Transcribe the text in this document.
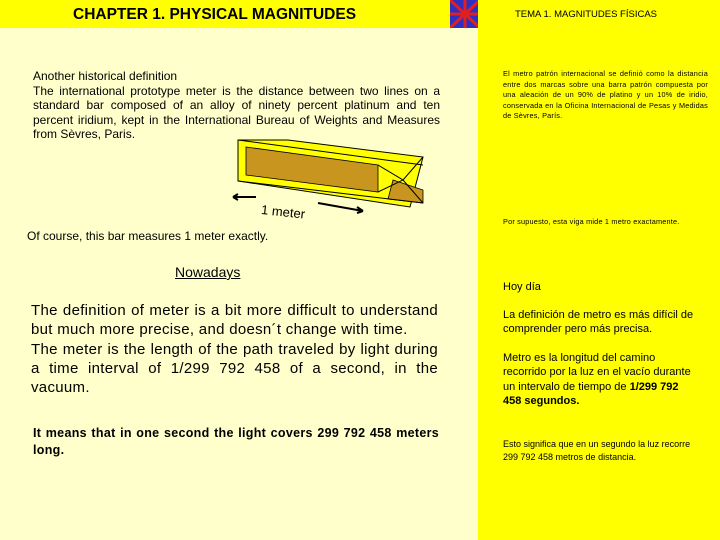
CHAPTER 1. PHYSICAL MAGNITUDES	TEMA 1. MAGNITUDES FÍSICAS
El metro patrón internacional se definió como la distancia entre dos marcas sobre una barra patrón compuesta por una aleación de un 90% de platino y un 10% de iridio, conservada en la Oficina Internacional de Pesas y Medidas de Sèvres, París.
Por supuesto, esta viga mide 1 metro exactamente.
Hoy día
La definición de metro es más difícil de comprender pero más precisa.
Metro es la longitud del camino recorrido por la luz en el vacío durante un intervalo de tiempo de 1/299 792 458 segundos.
Esto significa que en un segundo la luz recorre 299 792 458 metros de distancia.
Another historical definition
The international prototype meter is the distance between two lines on a standard bar composed of an alloy of ninety percent platinum and ten percent iridium, kept in the International Bureau of Weights and Measures from Sèvres, Paris.
1 meter
Of course, this bar measures 1 meter exactly.
Nowadays
The definition of meter is a bit more difficult to understand but much more precise, and doesn´t change with time.
The meter is the length of the path traveled by light during a time interval of 1/299 792 458 of a second, in the vacuum.
It means that in one second the light covers 299 792 458 meters long.
